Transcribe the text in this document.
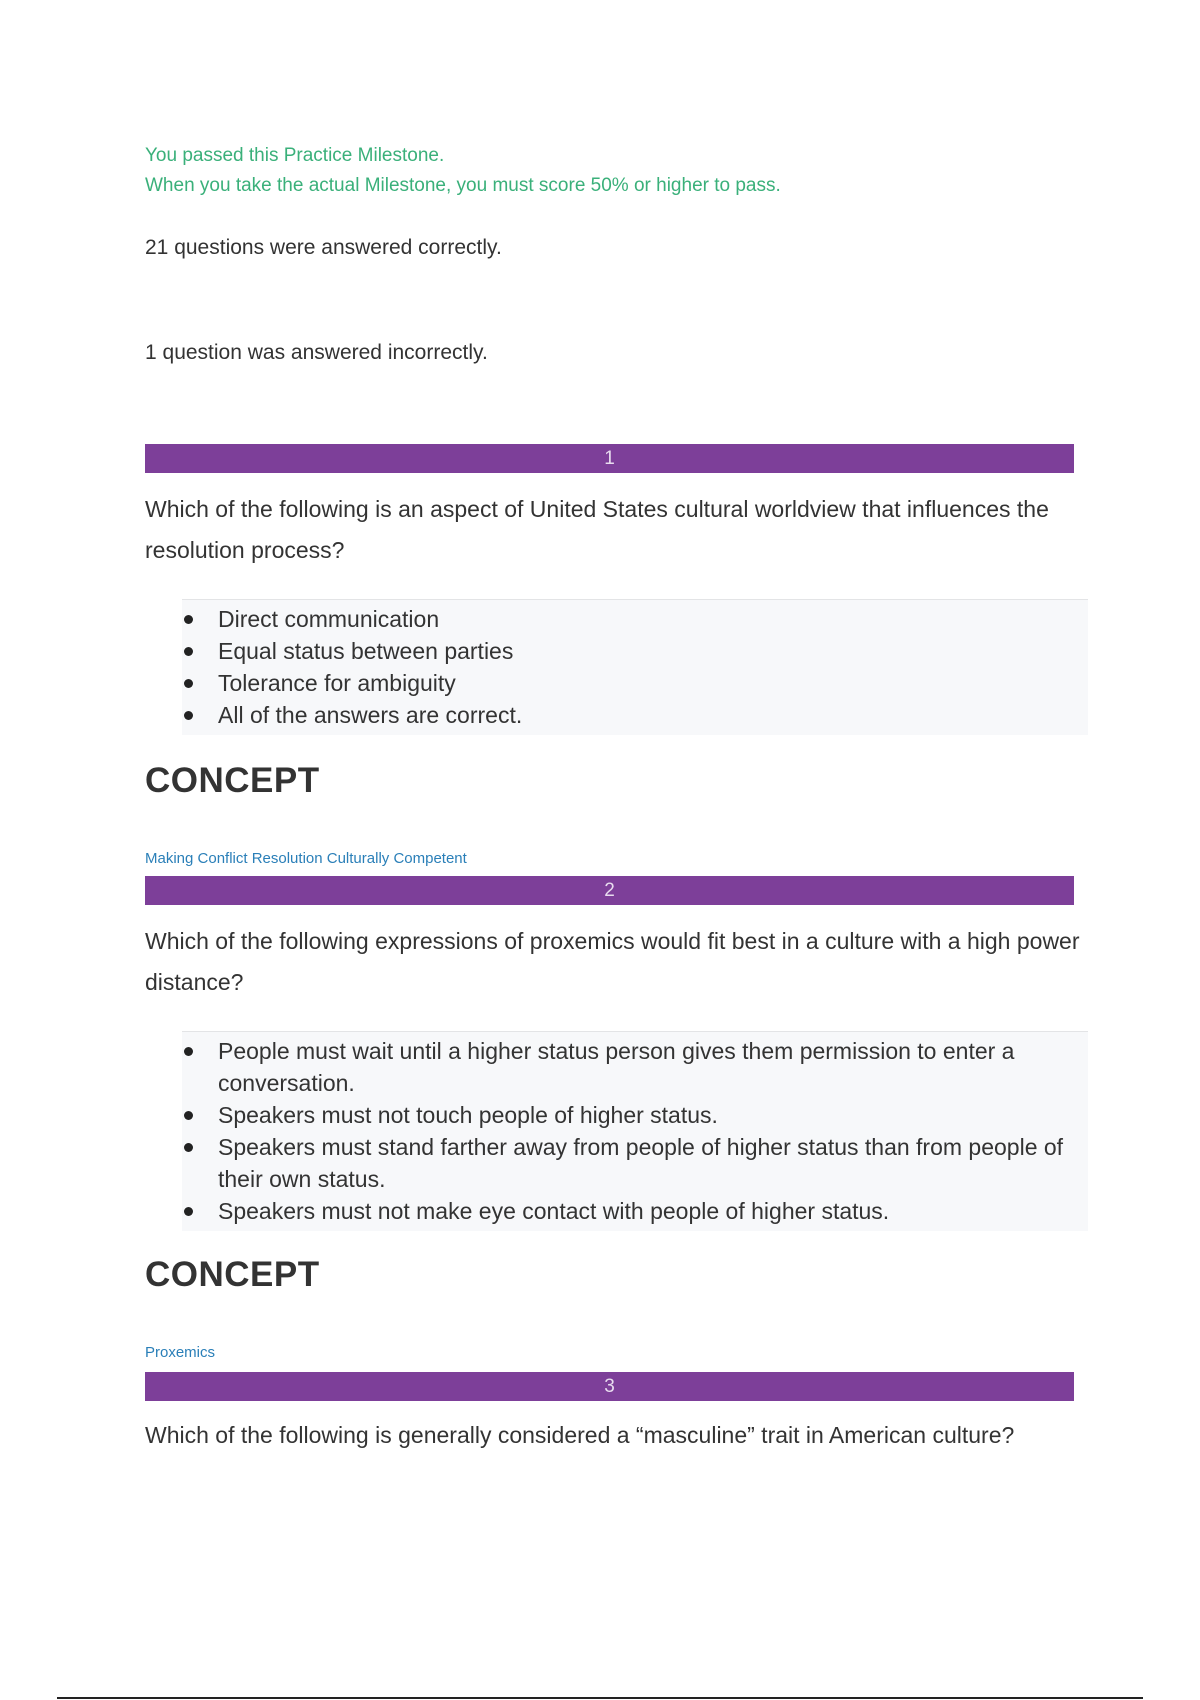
You passed this Practice Milestone.
When you take the actual Milestone, you must score 50% or higher to pass.
21 questions were answered correctly.
1 question was answered incorrectly.
1
Which of the following is an aspect of United States cultural worldview that influences the resolution process?
Direct communication
Equal status between parties
Tolerance for ambiguity
All of the answers are correct.
CONCEPT
Making Conflict Resolution Culturally Competent
2
Which of the following expressions of proxemics would fit best in a culture with a high power distance?
People must wait until a higher status person gives them permission to enter a conversation.
Speakers must not touch people of higher status.
Speakers must stand farther away from people of higher status than from people of their own status.
Speakers must not make eye contact with people of higher status.
CONCEPT
Proxemics
3
Which of the following is generally considered a “masculine” trait in American culture?
